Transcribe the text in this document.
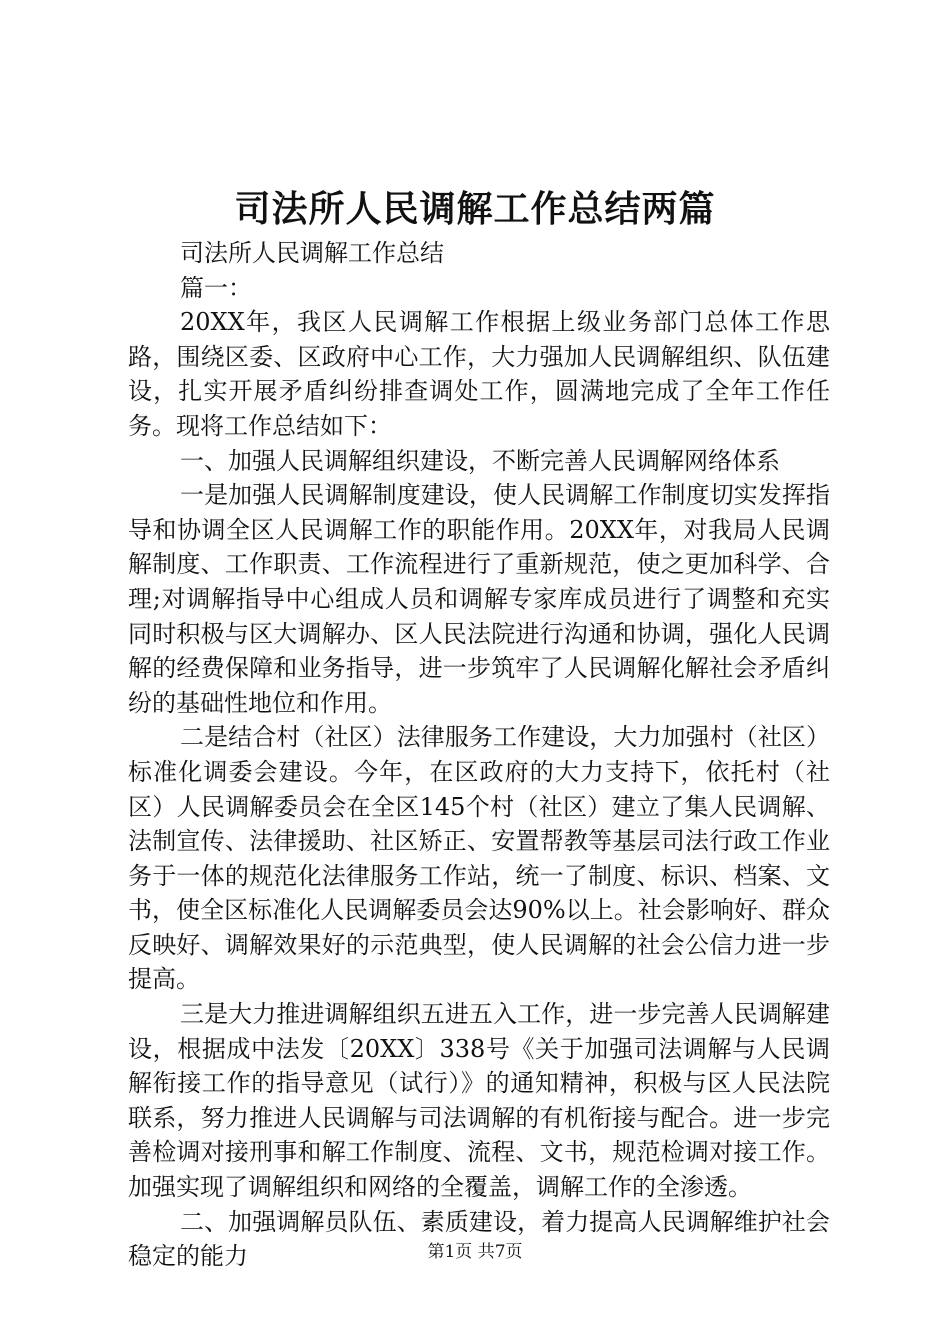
司法所人民调解工作总结两篇

司法所人民调解工作总结

篇一：

20XX年，我区人民调解工作根据上级业务部门总体工作思路，围绕区委、区政府中心工作，大力强加人民调解组织、队伍建设，扎实开展矛盾纠纷排查调处工作，圆满地完成了全年工作任务。现将工作总结如下：

一、加强人民调解组织建设，不断完善人民调解网络体系

一是加强人民调解制度建设，使人民调解工作制度切实发挥指导和协调全区人民调解工作的职能作用。20XX年，对我局人民调解制度、工作职责、工作流程进行了重新规范，使之更加科学、合理;对调解指导中心组成人员和调解专家库成员进行了调整和充实同时积极与区大调解办、区人民法院进行沟通和协调，强化人民调解的经费保障和业务指导，进一步筑牢了人民调解化解社会矛盾纠纷的基础性地位和作用。

二是结合村（社区）法律服务工作建设，大力加强村（社区）标准化调委会建设。今年，在区政府的大力支持下，依托村（社区）人民调解委员会在全区145个村（社区）建立了集人民调解、法制宣传、法律援助、社区矫正、安置帮教等基层司法行政工作业务于一体的规范化法律服务工作站，统一了制度、标识、档案、文书，使全区标准化人民调解委员会达90%以上。社会影响好、群众反映好、调解效果好的示范典型，使人民调解的社会公信力进一步提高。

三是大力推进调解组织五进五入工作，进一步完善人民调解建设，根据成中法发〔20XX〕338号《关于加强司法调解与人民调解衔接工作的指导意见（试行）》的通知精神，积极与区人民法院联系，努力推进人民调解与司法调解的有机衔接与配合。进一步完善检调对接刑事和解工作制度、流程、文书，规范检调对接工作。加强实现了调解组织和网络的全覆盖，调解工作的全渗透。

二、加强调解员队伍、素质建设，着力提高人民调解维护社会稳定的能力	第1页 共7页
